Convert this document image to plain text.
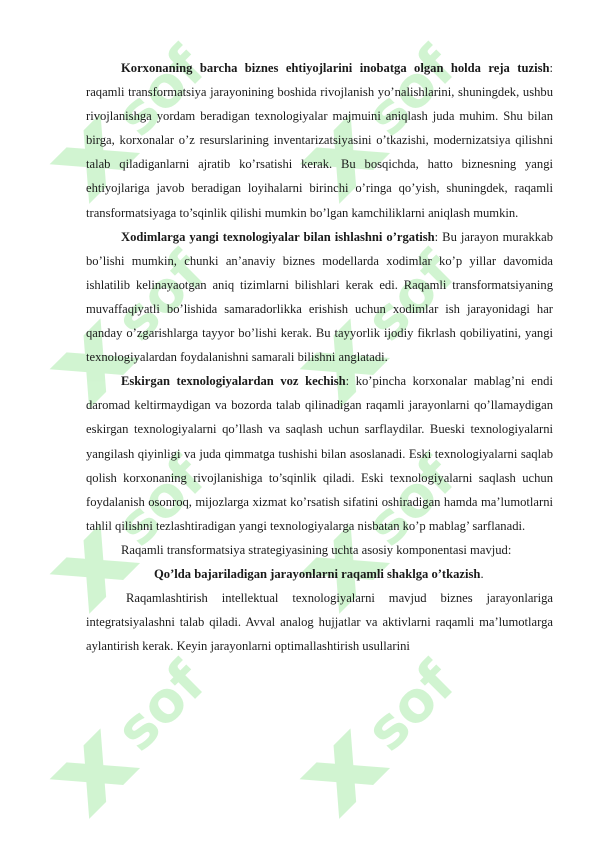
sof sof
sof sof
sof sof
sof sof

Korxonaning barcha biznes ehtiyojlarini inobatga olgan holda reja tuzish: raqamli transformatsiya jarayonining boshida rivojlanish yo’nalishlarini, shuningdek, ushbu rivojlanishga yordam beradigan texnologiyalar majmuini aniqlash juda muhim. Shu bilan birga, korxonalar o’z resurslarining inventarizatsiyasini o’tkazishi, modernizatsiya qilishni talab qiladiganlarni ajratib ko’rsatishi kerak. Bu bosqichda, hatto biznesning yangi ehtiyojlariga javob beradigan loyihalarni birinchi o’ringa qo’yish, shuningdek, raqamli transformatsiyaga to’sqinlik qilishi mumkin bo’lgan kamchiliklarni aniqlash mumkin.

Xodimlarga yangi texnologiyalar bilan ishlashni o’rgatish: Bu jarayon murakkab bo’lishi mumkin, chunki an’anaviy biznes modellarda xodimlar ko’p yillar davomida ishlatilib kelinayaotgan aniq tizimlarni bilishlari kerak edi. Raqamli transformatsiyaning muvaffaqiyatli bo’lishida samaradorlikka erishish uchun xodimlar ish jarayonidagi har qanday o’zgarishlarga tayyor bo’lishi kerak. Bu tayyorlik ijodiy fikrlash qobiliyatini, yangi texnologiyalardan foydalanishni samarali bilishni anglatadi.

Eskirgan texnologiyalardan voz kechish: ko’pincha korxonalar mablag’ni endi daromad keltirmaydigan va bozorda talab qilinadigan raqamli jarayonlarni qo’llamaydigan eskirgan texnologiyalarni qo’llash va saqlash uchun sarflaydilar. Bueski texnologiyalarni yangilash qiyinligi va juda qimmatga tushishi bilan asoslanadi. Eski texnologiyalarni saqlab qolish korxonaning rivojlanishiga to’sqinlik qiladi. Eski texnologiyalarni saqlash uchun foydalanish osonroq, mijozlarga xizmat ko’rsatish sifatini oshiradigan hamda ma’lumotlarni tahlil qilishni tezlashtiradigan yangi texnologiyalarga nisbatan ko’p mablag’ sarflanadi.

Raqamli transformatsiya strategiyasining uchta asosiy komponentasi mavjud:

Qo’lda bajariladigan jarayonlarni raqamli shaklga o’tkazish.

Raqamlashtirish intellektual texnologiyalarni mavjud biznes jarayonlariga integratsiyalashni talab qiladi. Avval analog hujjatlar va aktivlarni raqamli ma’lumotlarga aylantirish kerak. Keyin jarayonlarni optimallashtirish usullarini
